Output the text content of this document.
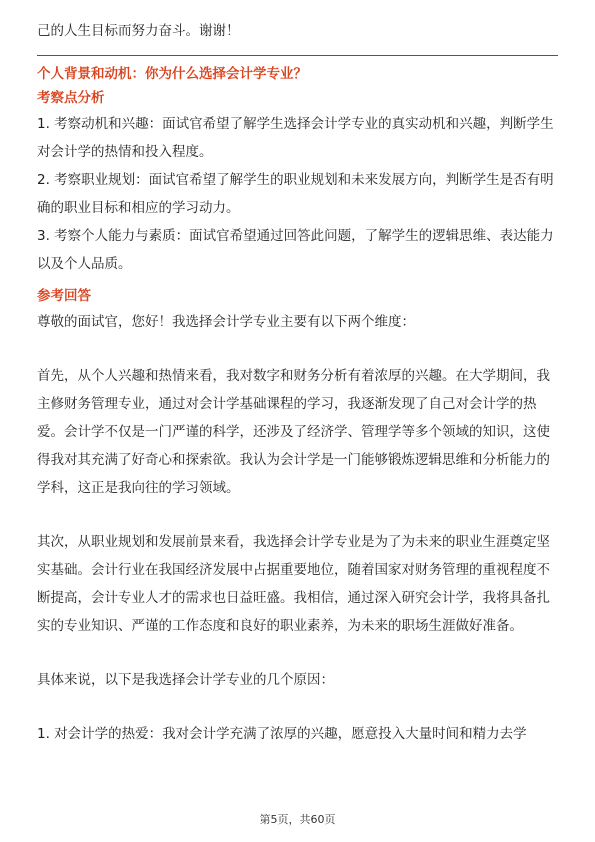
己的人生目标而努力奋斗。谢谢！

个人背景和动机：你为什么选择会计学专业？

考察点分析

1. 考察动机和兴趣：面试官希望了解学生选择会计学专业的真实动机和兴趣，判断学生对会计学的热情和投入程度。

2. 考察职业规划：面试官希望了解学生的职业规划和未来发展方向，判断学生是否有明确的职业目标和相应的学习动力。

3. 考察个人能力与素质：面试官希望通过回答此问题，了解学生的逻辑思维、表达能力以及个人品质。

参考回答

尊敬的面试官，您好！我选择会计学专业主要有以下两个维度：

首先，从个人兴趣和热情来看，我对数字和财务分析有着浓厚的兴趣。在大学期间，我主修财务管理专业，通过对会计学基础课程的学习，我逐渐发现了自己对会计学的热爱。会计学不仅是一门严谨的科学，还涉及了经济学、管理学等多个领域的知识，这使得我对其充满了好奇心和探索欲。我认为会计学是一门能够锻炼逻辑思维和分析能力的学科，这正是我向往的学习领域。

其次，从职业规划和发展前景来看，我选择会计学专业是为了为未来的职业生涯奠定坚实基础。会计行业在我国经济发展中占据重要地位，随着国家对财务管理的重视程度不断提高，会计专业人才的需求也日益旺盛。我相信，通过深入研究会计学，我将具备扎实的专业知识、严谨的工作态度和良好的职业素养，为未来的职场生涯做好准备。

具体来说，以下是我选择会计学专业的几个原因：

1. 对会计学的热爱：我对会计学充满了浓厚的兴趣，愿意投入大量时间和精力去学

第5页，共60页
